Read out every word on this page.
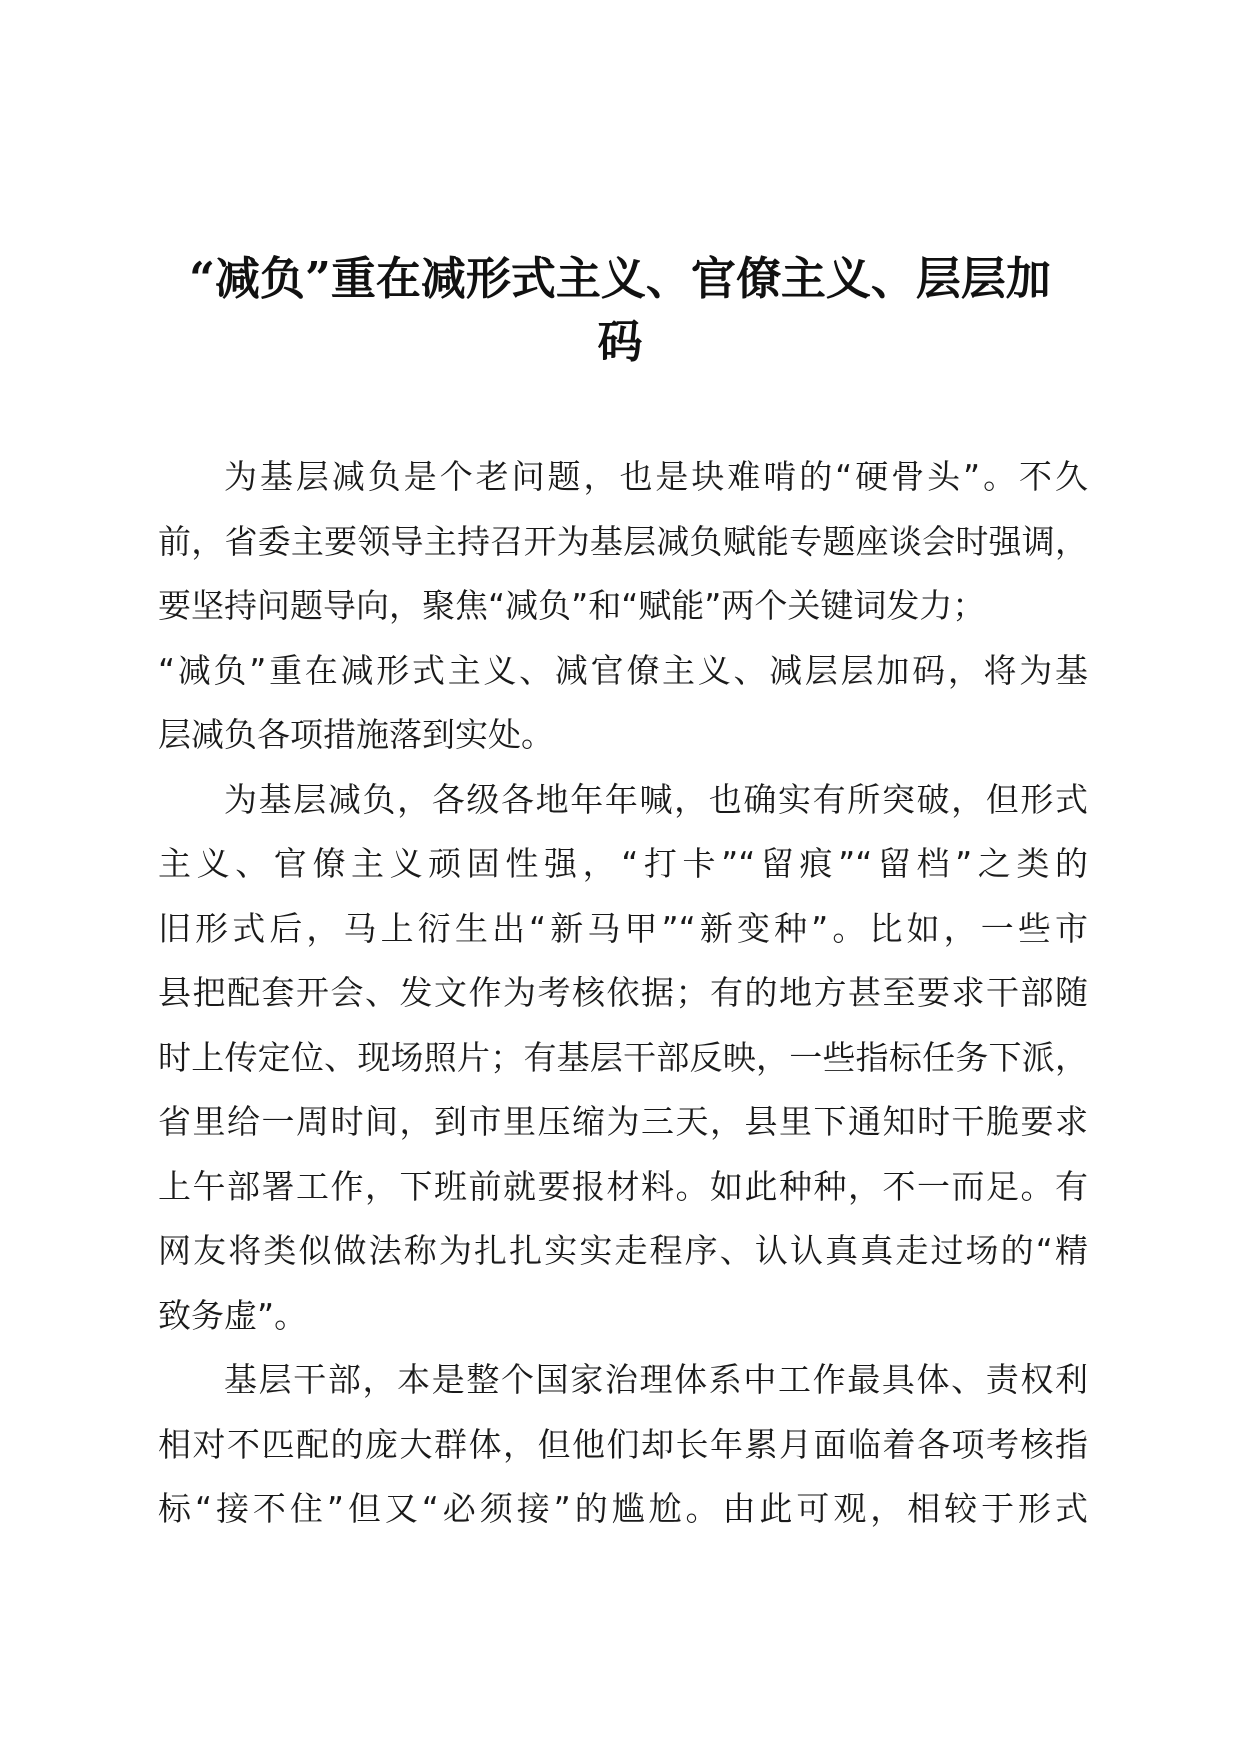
“减负”重在减形式主义、官僚主义、层层加
码

为基层减负是个老问题，也是块难啃的“硬骨头”。不久
前，省委主要领导主持召开为基层减负赋能专题座谈会时强调，
要坚持问题导向，聚焦“减负”和“赋能”两个关键词发力；
“减负”重在减形式主义、减官僚主义、减层层加码，将为基
层减负各项措施落到实处。

为基层减负，各级各地年年喊，也确实有所突破，但形式
主义、官僚主义顽固性强，“打卡”“留痕”“留档”之类的
旧形式后，马上衍生出“新马甲”“新变种”。比如，一些市
县把配套开会、发文作为考核依据；有的地方甚至要求干部随
时上传定位、现场照片；有基层干部反映，一些指标任务下派，
省里给一周时间，到市里压缩为三天，县里下通知时干脆要求
上午部署工作，下班前就要报材料。如此种种，不一而足。有
网友将类似做法称为扎扎实实走程序、认认真真走过场的“精
致务虚”。

基层干部，本是整个国家治理体系中工作最具体、责权利
相对不匹配的庞大群体，但他们却长年累月面临着各项考核指
标“接不住”但又“必须接”的尴尬。由此可观，相较于形式
